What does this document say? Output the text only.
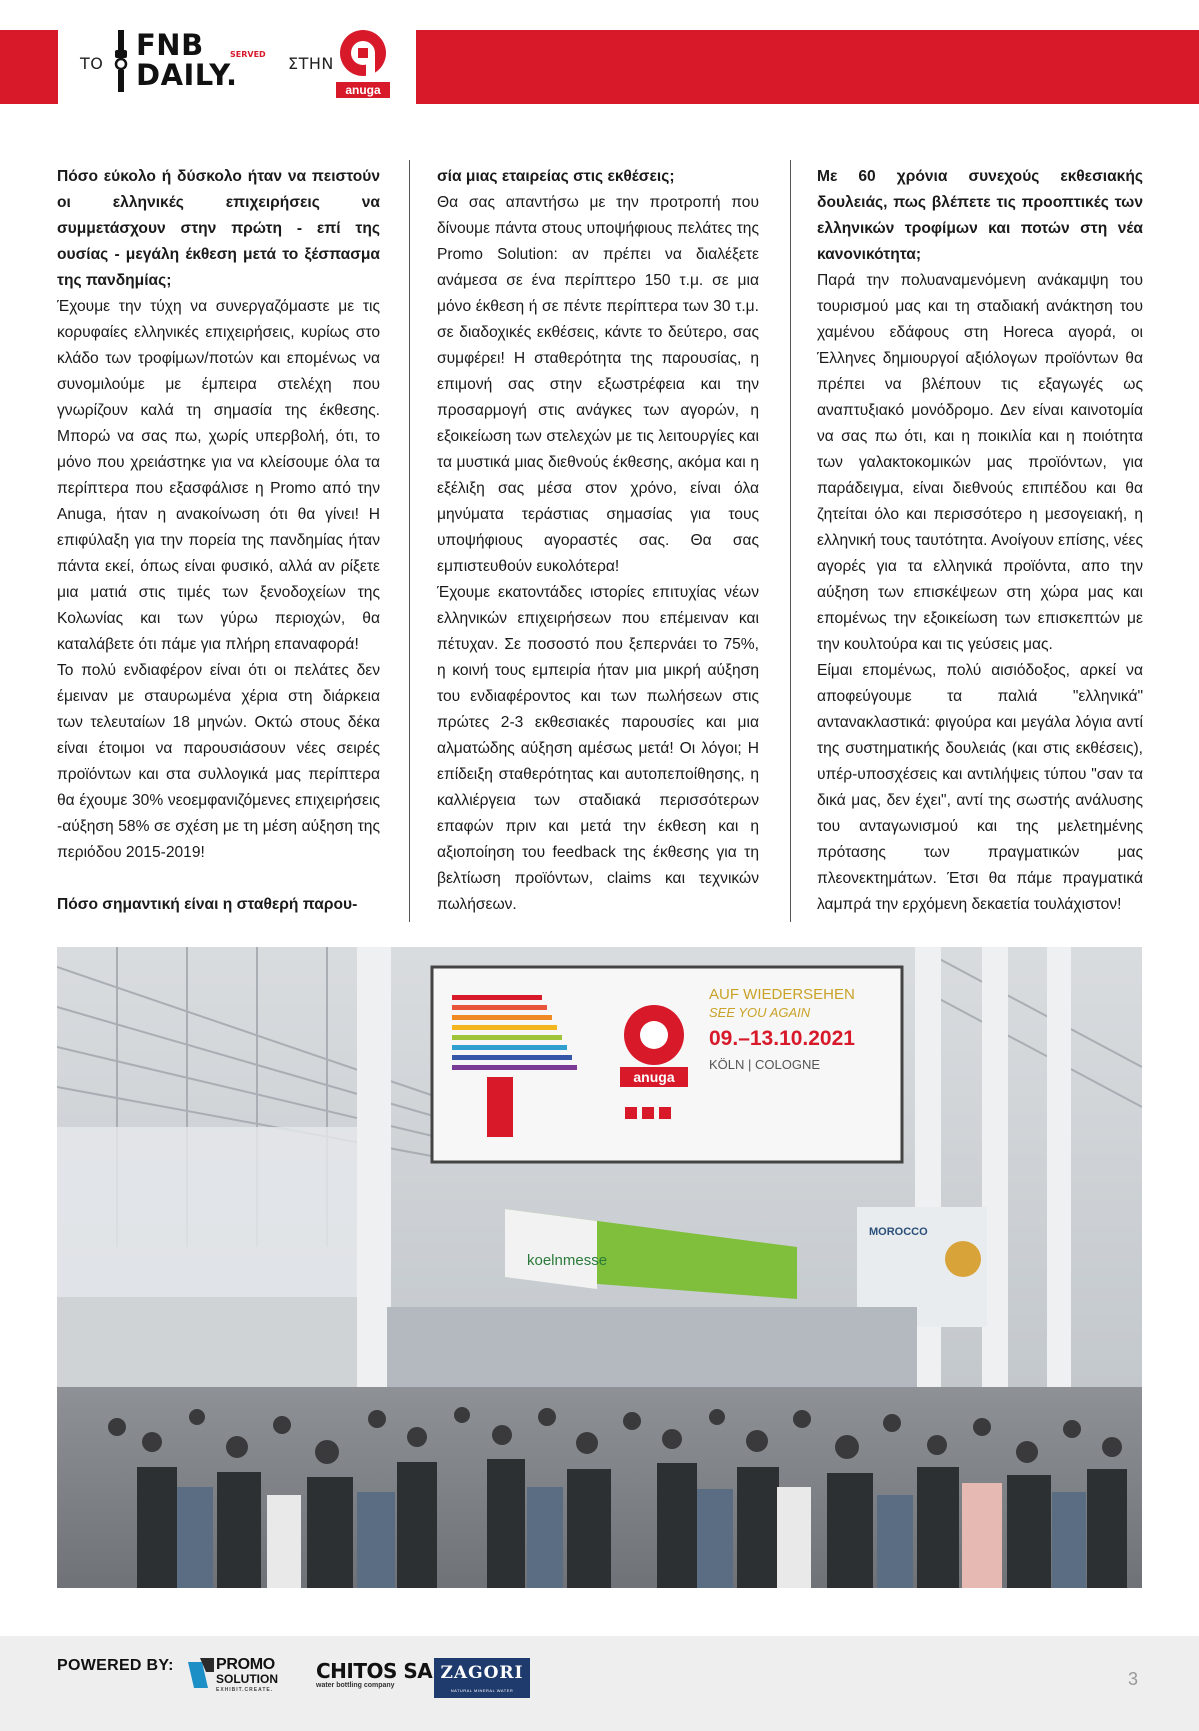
ΤΟ
FNB
DAILY.
SERVED ΣΤΗΝ
anuga

Πόσο εύκολο ή δύσκολο ήταν να πειστούν οι ελληνικές επιχειρήσεις να συμμετάσχουν στην πρώτη - επί της ουσίας - μεγάλη έκθεση μετά το ξέσπασμα της πανδημίας;

Έχουμε την τύχη να συνεργαζόμαστε με τις κορυφαίες ελληνικές επιχειρήσεις, κυρίως στο κλάδο των τροφίμων/ποτών και επομένως να συνομιλούμε με έμπειρα στελέχη που γνωρίζουν καλά τη σημασία της έκθεσης. Μπορώ να σας πω, χωρίς υπερβολή, ότι, το μόνο που χρειάστηκε για να κλείσουμε όλα τα περίπτερα που εξασφάλισε η Promo από την Anuga, ήταν η ανακοίνωση ότι θα γίνει! Η επιφύλαξη για την πορεία της πανδημίας ήταν πάντα εκεί, όπως είναι φυσικό, αλλά αν ρίξετε μια ματιά στις τιμές των ξενοδοχείων της Κολωνίας και των γύρω περιοχών, θα καταλάβετε ότι πάμε για πλήρη επαναφορά!

Το πολύ ενδιαφέρον είναι ότι οι πελάτες δεν έμειναν με σταυρωμένα χέρια στη διάρκεια των τελευταίων 18 μηνών. Οκτώ στους δέκα είναι έτοιμοι να παρουσιάσουν νέες σειρές προϊόντων και στα συλλογικά μας περίπτερα θα έχουμε 30% νεοεμφανιζόμενες επιχειρήσεις -αύξηση 58% σε σχέση με τη μέση αύξηση της περιόδου 2015-2019!

Πόσο σημαντική είναι η σταθερή παρου-

σία μιας εταιρείας στις εκθέσεις;

Θα σας απαντήσω με την προτροπή που δίνουμε πάντα στους υποψήφιους πελάτες της Promo Solution: αν πρέπει να διαλέξετε ανάμεσα σε ένα περίπτερο 150 τ.μ. σε μια μόνο έκθεση ή σε πέντε περίπτερα των 30 τ.μ. σε διαδοχικές εκθέσεις, κάντε το δεύτερο, σας συμφέρει! Η σταθερότητα της παρουσίας, η επιμονή σας στην εξωστρέφεια και την προσαρμογή στις ανάγκες των αγορών, η εξοικείωση των στελεχών με τις λειτουργίες και τα μυστικά μιας διεθνούς έκθεσης, ακόμα και η εξέλιξη σας μέσα στον χρόνο, είναι όλα μηνύματα τεράστιας σημασίας για τους υποψήφιους αγοραστές σας. Θα σας εμπιστευθούν ευκολότερα!

Έχουμε εκατοντάδες ιστορίες επιτυχίας νέων ελληνικών επιχειρήσεων που επέμειναν και πέτυχαν. Σε ποσοστό που ξεπερνάει το 75%, η κοινή τους εμπειρία ήταν μια μικρή αύξηση του ενδιαφέροντος και των πωλήσεων στις πρώτες 2-3 εκθεσιακές παρουσίες και μια αλματώδης αύξηση αμέσως μετά! Οι λόγοι; Η επίδειξη σταθερότητας και αυτοπεποίθησης, η καλλιέργεια των σταδιακά περισσότερων επαφών πριν και μετά την έκθεση και η αξιοποίηση του feedback της έκθεσης για τη βελτίωση προϊόντων, claims και τεχνικών πωλήσεων.

Με 60 χρόνια συνεχούς εκθεσιακής δουλειάς, πως βλέπετε τις προοπτικές των ελληνικών τροφίμων και ποτών στη νέα κανονικότητα;

Παρά την πολυαναμενόμενη ανάκαμψη του τουρισμού μας και τη σταδιακή ανάκτηση του χαμένου εδάφους στη Horeca αγορά, οι Έλληνες δημιουργοί αξιόλογων προϊόντων θα πρέπει να βλέπουν τις εξαγωγές ως αναπτυξιακό μονόδρομο. Δεν είναι καινοτομία να σας πω ότι, και η ποικιλία και η ποιότητα των γαλακτοκομικών μας προϊόντων, για παράδειγμα, είναι διεθνούς επιπέδου και θα ζητείται όλο και περισσότερο η μεσογειακή, η ελληνική τους ταυτότητα. Ανοίγουν επίσης, νέες αγορές για τα ελληνικά προϊόντα, απο την αύξηση των επισκέψεων στη χώρα μας και επομένως την εξοικείωση των επισκεπτών με την κουλτούρα και τις γεύσεις μας.

Είμαι επομένως, πολύ αισιόδοξος, αρκεί να αποφεύγουμε τα παλιά "ελληνικά" αντανακλαστικά: φιγούρα και μεγάλα λόγια αντί της συστηματικής δουλειάς (και στις εκθέσεις), υπέρ-υποσχέσεις και αντιλήψεις τύπου "σαν τα δικά μας, δεν έχει", αντί της σωστής ανάλυσης του ανταγωνισμού και της μελετημένης πρότασης των πραγματικών μας πλεονεκτημάτων. Έτσι θα πάμε πραγματικά λαμπρά την ερχόμενη δεκαετία τουλάχιστον!

anuga
AUF WIEDERSEHEN
SEE YOU AGAIN
09.–13.10.2021
KÖLN | COLOGNE
koelnmesse
MOROCCO
POWERED BY:	PROMO
SOLUTION
EXHIBIT.CREATE.
CHITOS SA
water bottling company
ZAGORI
NATURAL MINERAL WATER
3
